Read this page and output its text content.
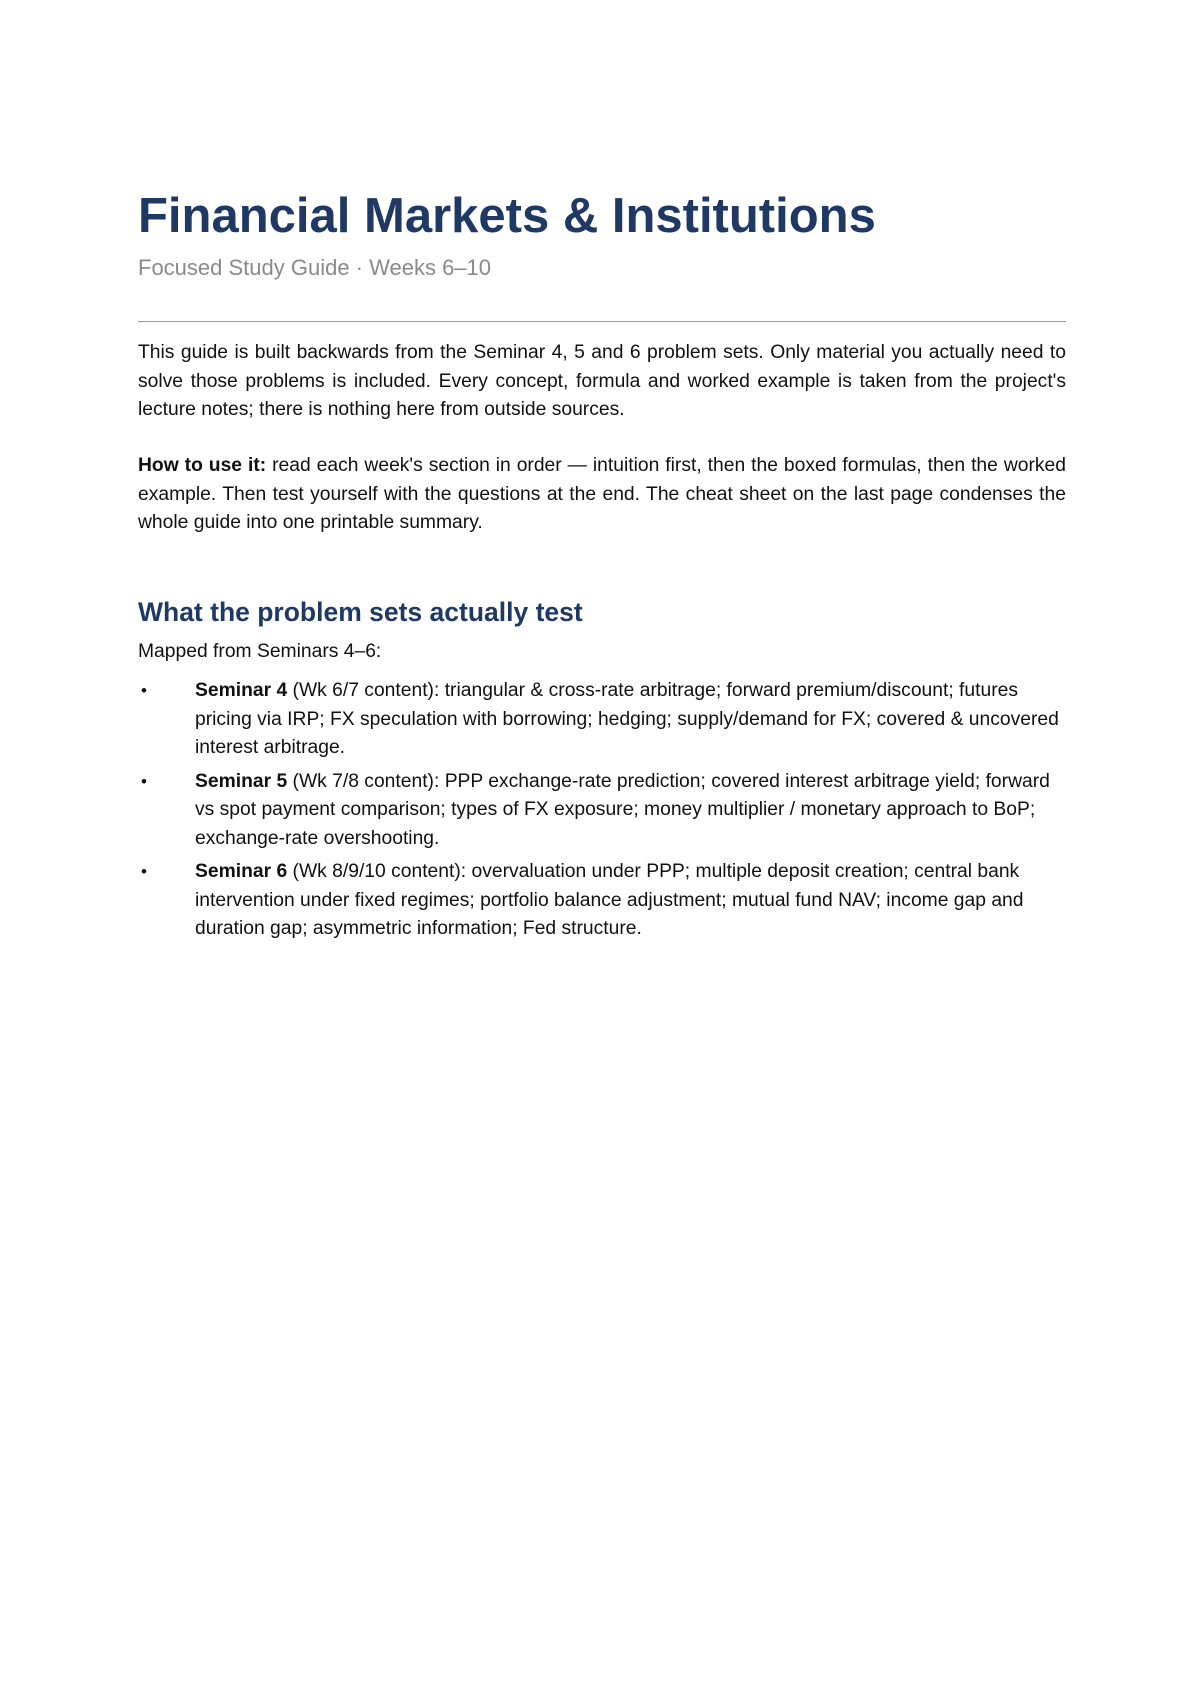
Financial Markets & Institutions

Focused Study Guide · Weeks 6–10

This guide is built backwards from the Seminar 4, 5 and 6 problem sets. Only material you actually need to solve those problems is included. Every concept, formula and worked example is taken from the project's lecture notes; there is nothing here from outside sources.

How to use it: read each week's section in order — intuition first, then the boxed formulas, then the worked example. Then test yourself with the questions at the end. The cheat sheet on the last page condenses the whole guide into one printable summary.

What the problem sets actually test

Mapped from Seminars 4–6:

• Seminar 4 (Wk 6/7 content): triangular & cross-rate arbitrage; forward premium/discount; futures pricing via IRP; FX speculation with borrowing; hedging; supply/demand for FX; covered & uncovered interest arbitrage.
• Seminar 5 (Wk 7/8 content): PPP exchange-rate prediction; covered interest arbitrage yield; forward vs spot payment comparison; types of FX exposure; money multiplier / monetary approach to BoP; exchange-rate overshooting.
• Seminar 6 (Wk 8/9/10 content): overvaluation under PPP; multiple deposit creation; central bank intervention under fixed regimes; portfolio balance adjustment; mutual fund NAV; income gap and duration gap; asymmetric information; Fed structure.
